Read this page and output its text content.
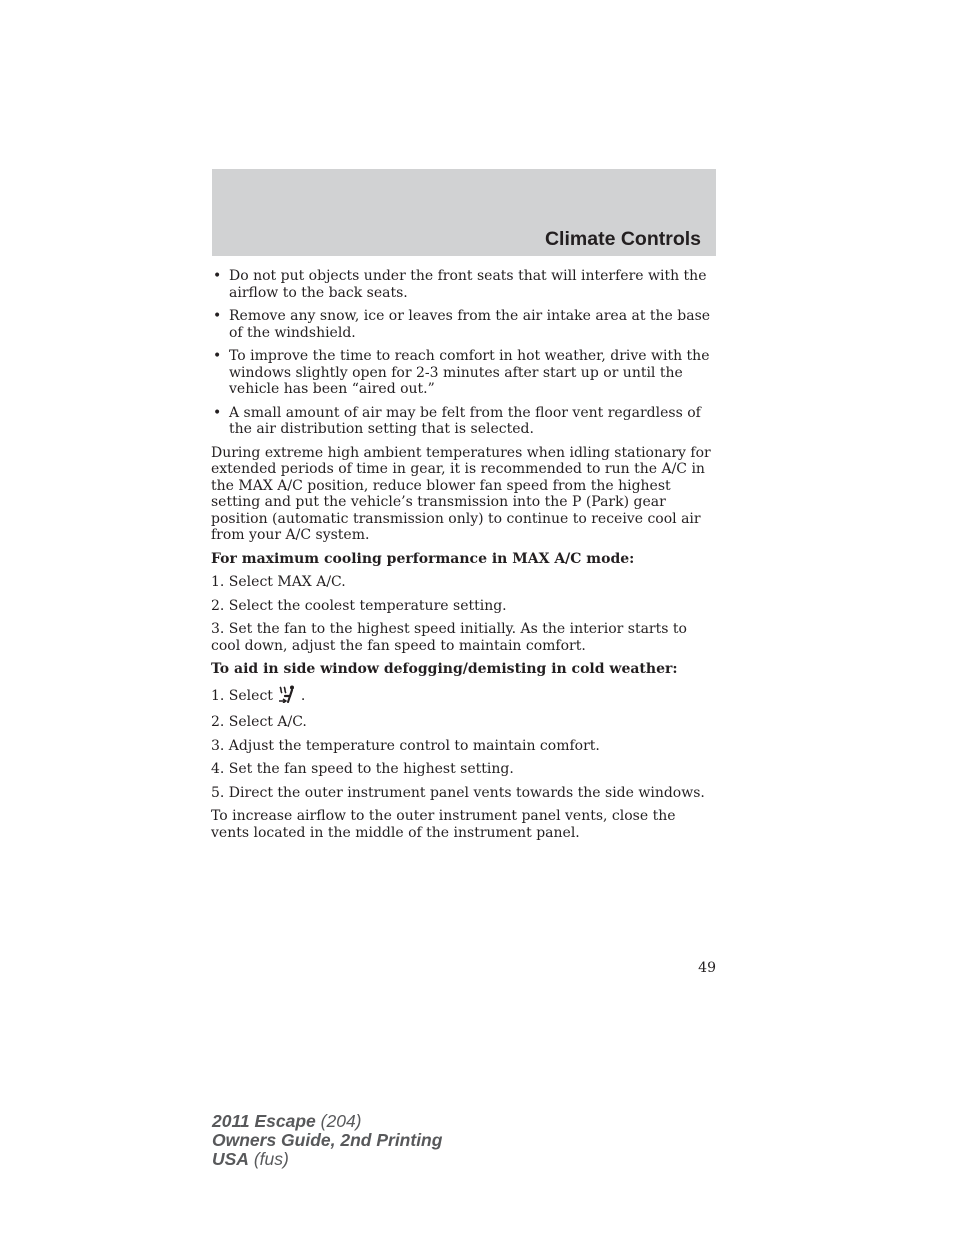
Climate Controls
• Do not put objects under the front seats that will interfere with the airflow to the back seats.
• Remove any snow, ice or leaves from the air intake area at the base of the windshield.
• To improve the time to reach comfort in hot weather, drive with the windows slightly open for 2-3 minutes after start up or until the vehicle has been “aired out.”
• A small amount of air may be felt from the floor vent regardless of the air distribution setting that is selected.

During extreme high ambient temperatures when idling stationary for extended periods of time in gear, it is recommended to run the A/C in the MAX A/C position, reduce blower fan speed from the highest setting and put the vehicle’s transmission into the P (Park) gear position (automatic transmission only) to continue to receive cool air from your A/C system.

For maximum cooling performance in MAX A/C mode:

1. Select MAX A/C.

2. Select the coolest temperature setting.

3. Set the fan to the highest speed initially. As the interior starts to cool down, adjust the fan speed to maintain comfort.

To aid in side window defogging/demisting in cold weather:

1. Select .

2. Select A/C.

3. Adjust the temperature control to maintain comfort.

4. Set the fan speed to the highest setting.

5. Direct the outer instrument panel vents towards the side windows.

To increase airflow to the outer instrument panel vents, close the vents located in the middle of the instrument panel.

49
2011 Escape (204)
Owners Guide, 2nd Printing
USA (fus)
